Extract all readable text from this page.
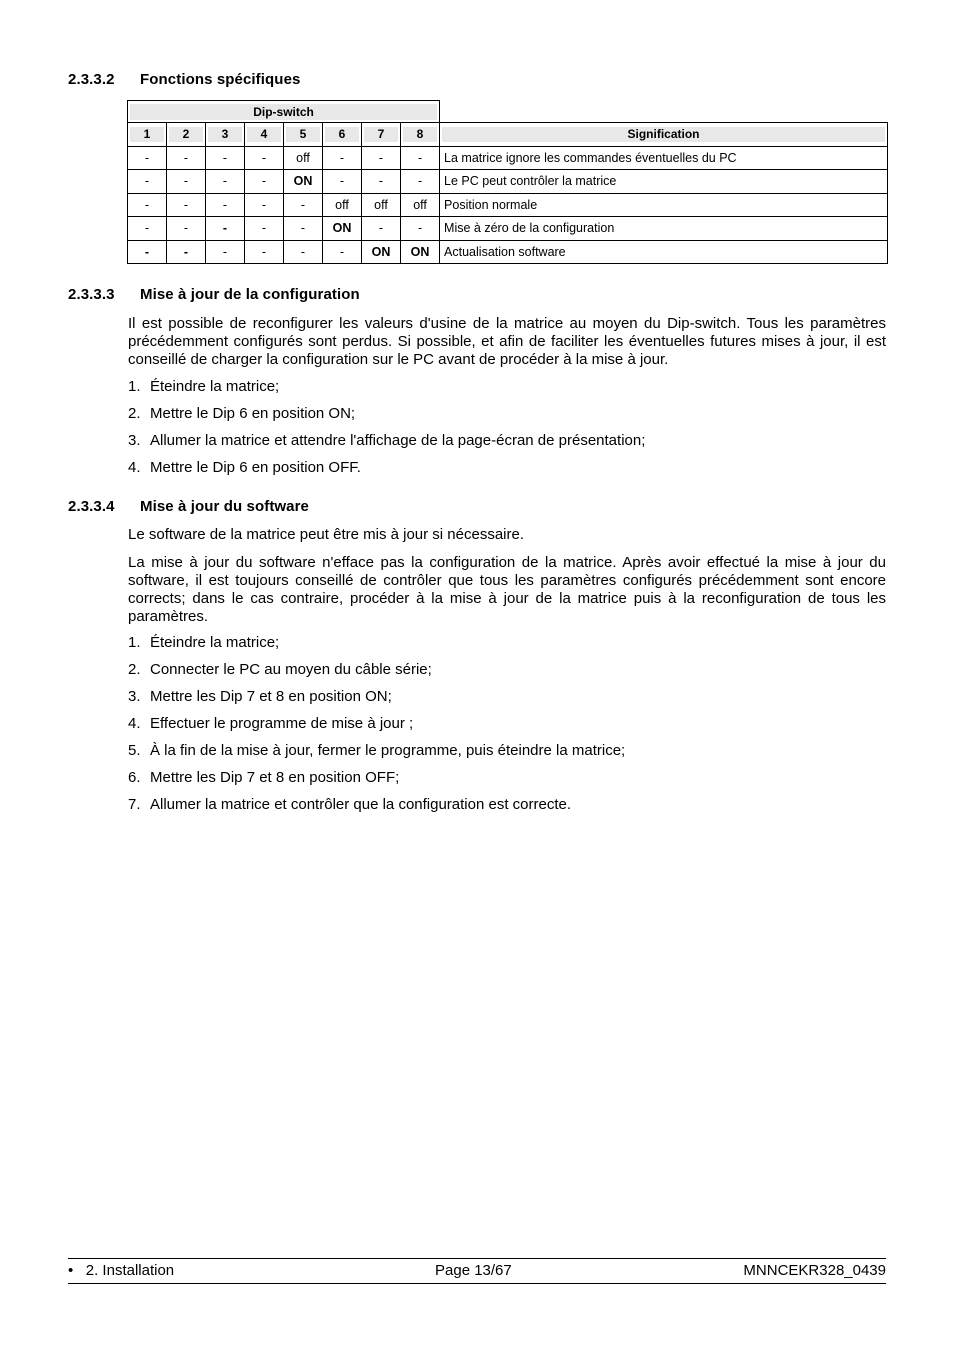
2.3.3.2 Fonctions spécifiques
Dip-switch								

1	2	3	4	5	6	7	8	Signification

-	-	-	-	off	-	-	-	La matrice ignore les commandes éventuelles du PC
-	-	-	-	ON	-	-	-	Le PC peut contrôler la matrice
-	-	-	-	-	off	off	off	Position normale
-	-	-	-	-	ON	-	-	Mise à zéro de la configuration
-	-	-	-	-	-	ON	ON	Actualisation software
2.3.3.3 Mise à jour de la configuration

Il est possible de reconfigurer les valeurs d'usine de la matrice au moyen du Dip-switch. Tous les paramètres précédemment configurés sont perdus. Si possible, et afin de faciliter les éventuelles futures mises à jour, il est conseillé de charger la configuration sur le PC avant de procéder à la mise à jour.

1. Éteindre la matrice;
2. Mettre le Dip 6 en position ON;
3. Allumer la matrice et attendre l'affichage de la page-écran de présentation;
4. Mettre le Dip 6 en position OFF.
2.3.3.4 Mise à jour du software

Le software de la matrice peut être mis à jour si nécessaire.

La mise à jour du software n'efface pas la configuration de la matrice. Après avoir effectué la mise à jour du software, il est toujours conseillé de contrôler que tous les paramètres configurés précédemment sont encore corrects; dans le cas contraire, procéder à la mise à jour de la matrice puis à la reconfiguration de tous les paramètres.

1. Éteindre la matrice;
2. Connecter le PC au moyen du câble série;
3. Mettre les Dip 7 et 8 en position ON;
4. Effectuer le programme de mise à jour ;
5. À la fin de la mise à jour, fermer le programme, puis éteindre la matrice;
6. Mettre les Dip 7 et 8 en position OFF;
7. Allumer la matrice et contrôler que la configuration est correcte.
•   2. Installation	Page 13/67	MNNCEKR328_0439
